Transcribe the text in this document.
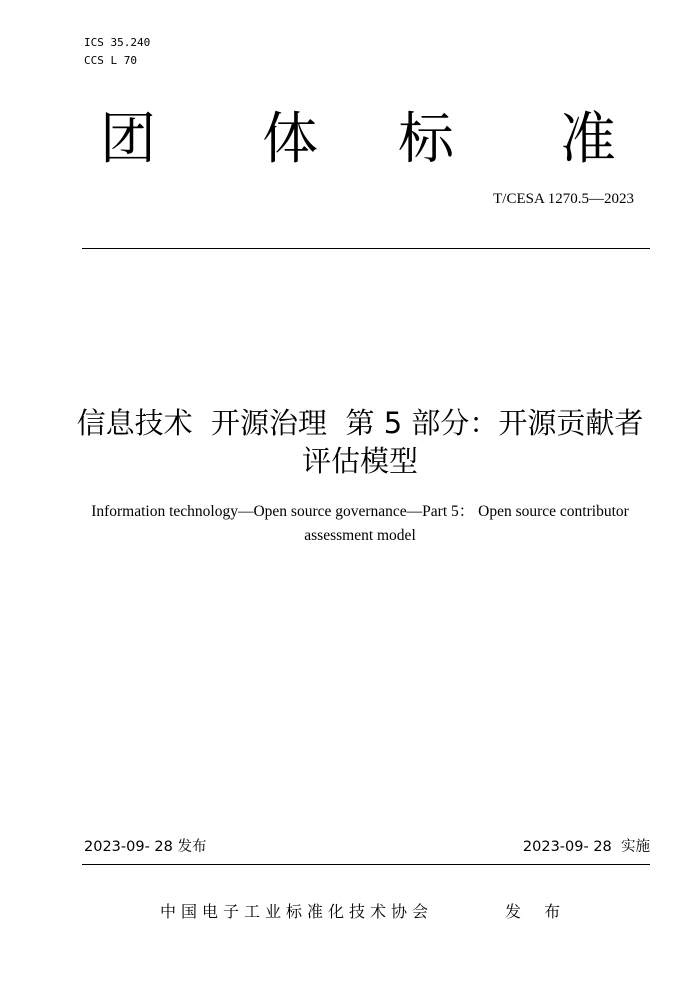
ICS 35.240
CCS L 70
团 体 标 准
T/CESA 1270.5—2023
信息技术  开源治理  第 5 部分：开源贡献者
评估模型
Information technology—Open source governance—Part 5： Open source contributor
assessment model
2023-09- 28 发布	2023-09- 28  实施
中国电子工业标准化技术协会	发 布
